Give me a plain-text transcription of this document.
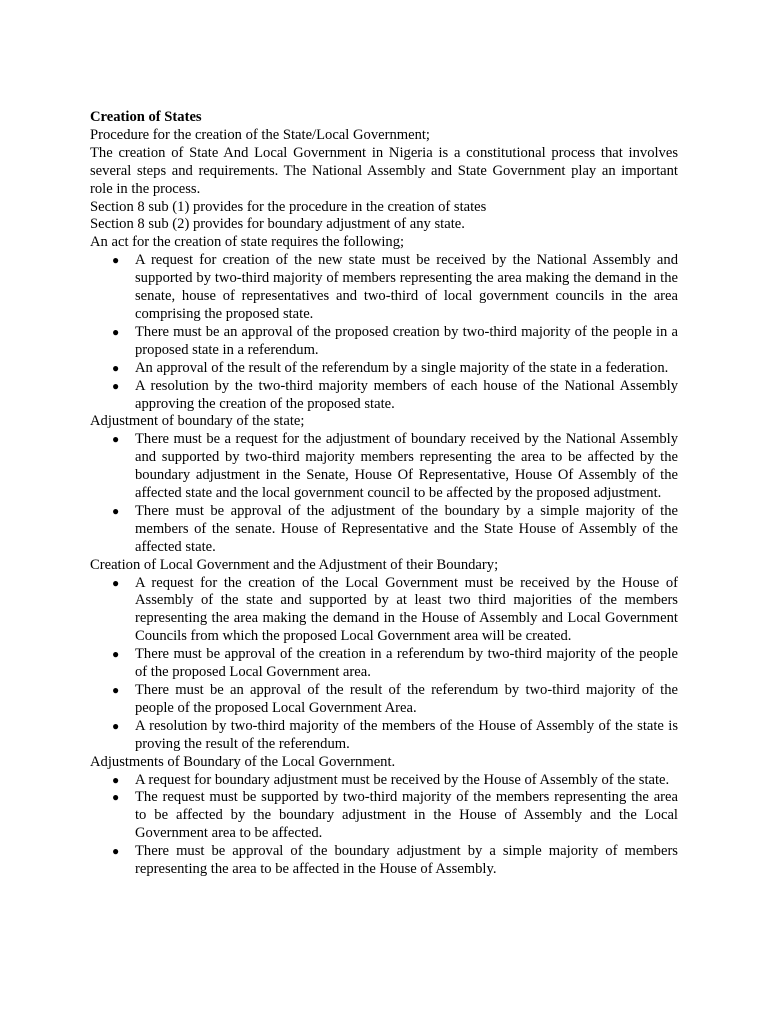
Creation of States

Procedure for the creation of the State/Local Government;

The creation of State And Local Government in Nigeria is a constitutional process that involves several steps and requirements. The National Assembly and State Government play an important role in the process.

Section 8 sub (1) provides for the procedure in the creation of states

Section 8 sub (2) provides for boundary adjustment of any state.

An act for the creation of state requires the following;

● A request for creation of the new state must be received by the National Assembly and supported by two-third majority of members representing the area making the demand in the senate, house of representatives and two-third of local government councils in the area comprising the proposed state.
● There must be an approval of the proposed creation by two-third majority of the people in a proposed state in a referendum.
● An approval of the result of the referendum by a single majority of the state in a federation.
● A resolution by the two-third majority members of each house of the National Assembly approving the creation of the proposed state.

Adjustment of boundary of the state;

● There must be a request for the adjustment of boundary received by the National Assembly and supported by two-third majority members representing the area to be affected by the boundary adjustment in the Senate, House Of Representative, House Of Assembly of the affected state and the local government council to be affected by the proposed adjustment.
● There must be approval of the adjustment of the boundary by a simple majority of the members of the senate. House of Representative and the State House of Assembly of the affected state.

Creation of Local Government and the Adjustment of their Boundary;

● A request for the creation of the Local Government must be received by the House of Assembly of the state and supported by at least two third majorities of the members representing the area making the demand in the House of Assembly and Local Government Councils from which the proposed Local Government area will be created.
● There must be approval of the creation in a referendum by two-third majority of the people of the proposed Local Government area.
● There must be an approval of the result of the referendum by two-third majority of the people of the proposed Local Government Area.
● A resolution by two-third majority of the members of the House of Assembly of the state is proving the result of the referendum.

Adjustments of Boundary of the Local Government.

● A request for boundary adjustment must be received by the House of Assembly of the state.
● The request must be supported by two-third majority of the members representing the area to be affected by the boundary adjustment in the House of Assembly and the Local Government area to be affected.
● There must be approval of the boundary adjustment by a simple majority of members representing the area to be affected in the House of Assembly.
